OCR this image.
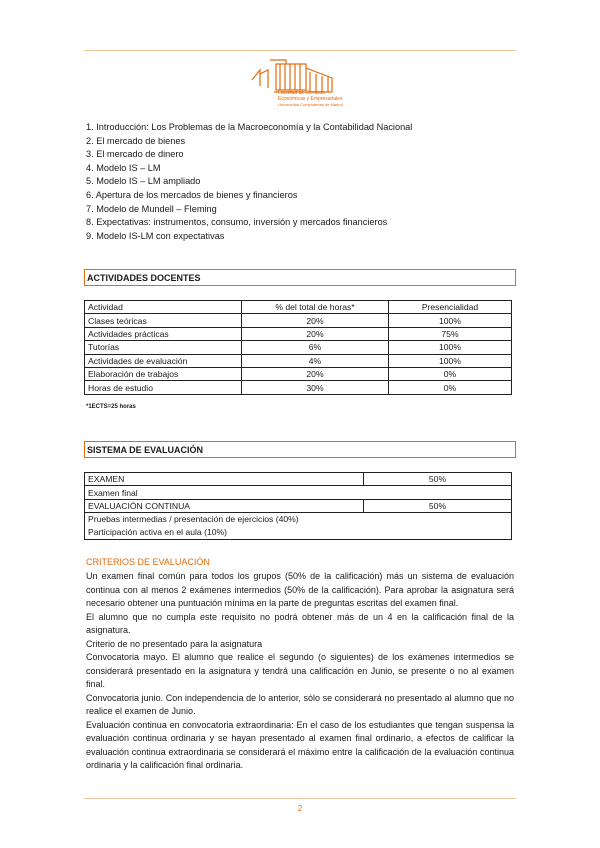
Facultad de Ciencias
Económicas y Empresariales
Universidad Complutense de Madrid
1. Introducción: Los Problemas de la Macroeconomía y la Contabilidad Nacional
2. El mercado de bienes
3. El mercado de dinero
4. Modelo IS – LM
5. Modelo IS – LM ampliado
6. Apertura de los mercados de bienes y financieros
7. Modelo de Mundell – Fleming
8. Expectativas: instrumentos, consumo, inversión y mercados financieros
9. Modelo IS-LM con expectativas
ACTIVIDADES DOCENTES
Actividad	% del total de horas*	Presencialidad
Clases teóricas	20%	100%
Actividades prácticas	20%	75%
Tutorías	6%	100%
Actividades de evaluación	4%	100%
Elaboración de trabajos	20%	0%
Horas de estudio	30%	0%
*1ECTS=25 horas
SISTEMA DE EVALUACIÓN
EXAMEN	50%
Examen final	
EVALUACIÓN CONTINUA	50%

Pruebas intermedias / presentación de ejercicios (40%)
Participación activa en el aula (10%)	
CRITERIOS DE EVALUACIÓN

Un examen final común para todos los grupos (50% de la calificación) más un sistema de evaluación continua con al menos 2 exámenes intermedios (50% de la calificación). Para aprobar la asignatura será necesario obtener una puntuación mínima en la parte de preguntas escritas del examen final.

El alumno que no cumpla este requisito no podrá obtener más de un 4 en la calificación final de la asignatura.

Criterio de no presentado para la asignatura

Convocatoria mayo. El alumno que realice el segundo (o siguientes) de los exámenes intermedios se considerará presentado en la asignatura y tendrá una calificación en Junio, se presente o no al examen final.

Convocatoria junio. Con independencia de lo anterior, sólo se considerará no presentado al alumno que no realice el examen de Junio.

Evaluación continua en convocatoria extraordinaria: En el caso de los estudiantes que tengan suspensa la evaluación continua ordinaria y se hayan presentado al examen final ordinario, a efectos de calificar la evaluación continua extraordinaria se considerará el máximo entre la calificación de la evaluación continua ordinaria y la calificación final ordinaria.

2
